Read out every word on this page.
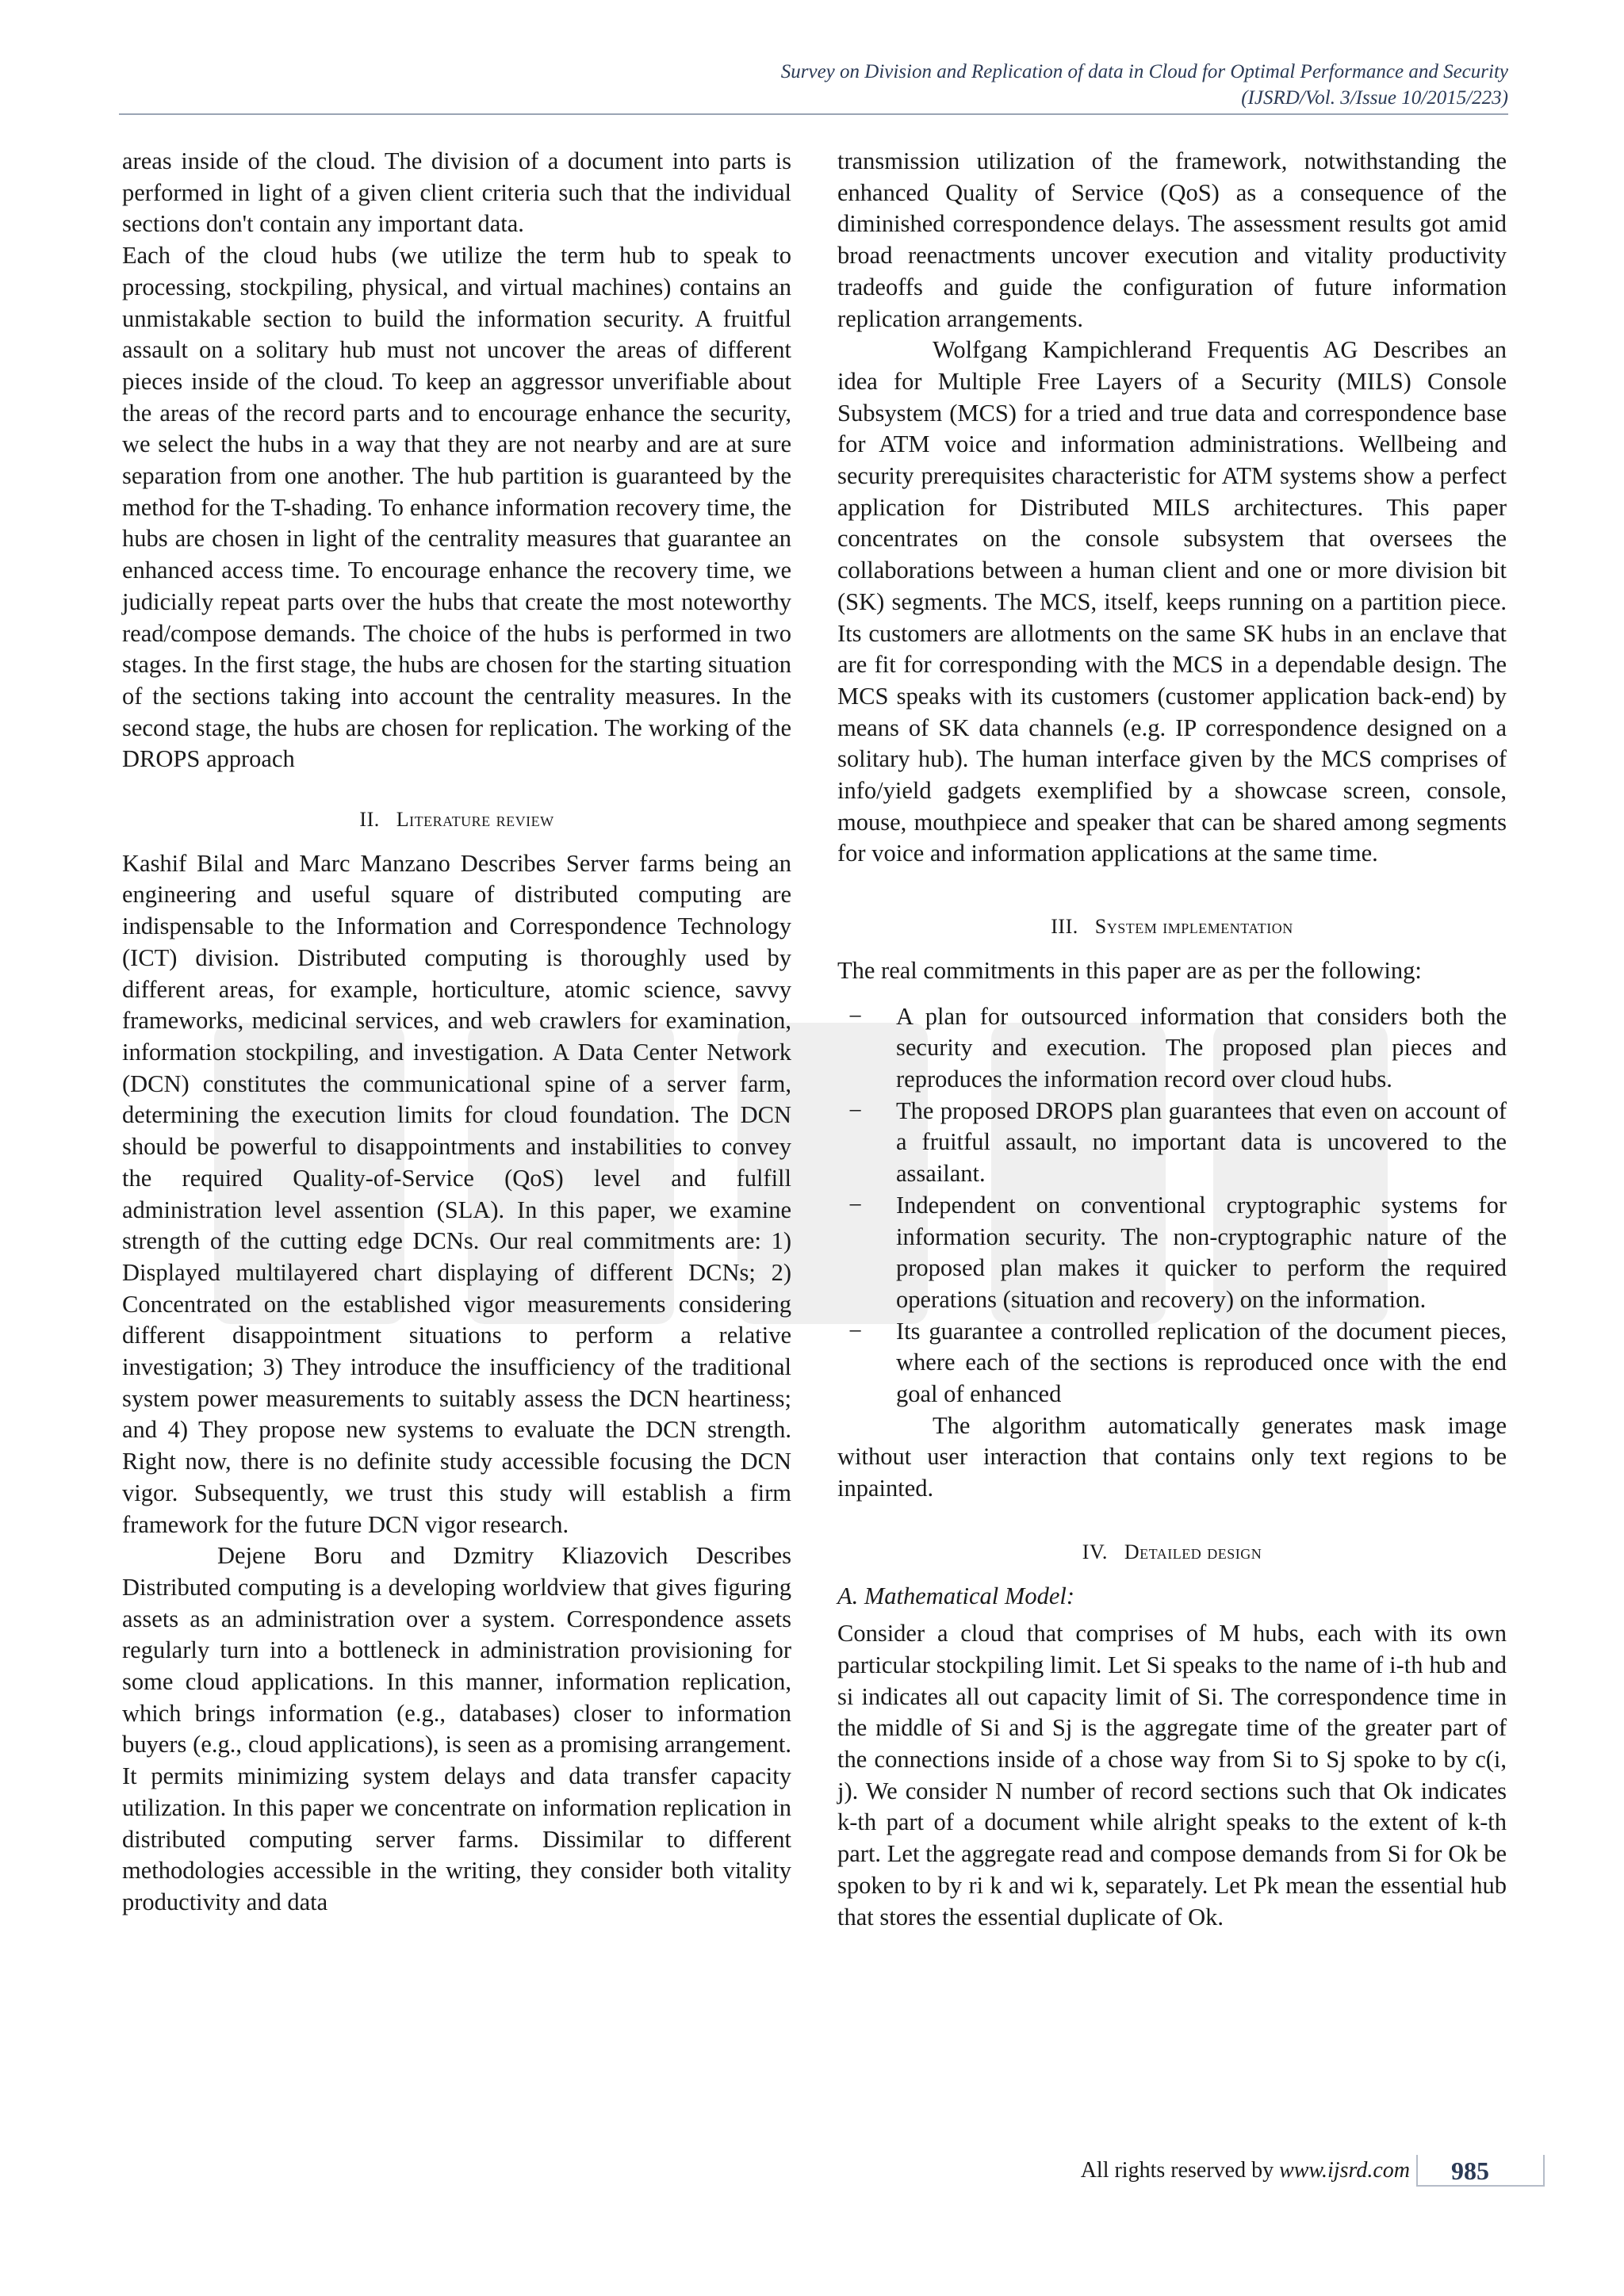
Survey on Division and Replication of data in Cloud for Optimal Performance and Security
(IJSRD/Vol. 3/Issue 10/2015/223)

areas inside of the cloud. The division of a document into parts is performed in light of a given client criteria such that the individual sections don't contain any important data.

Each of the cloud hubs (we utilize the term hub to speak to processing, stockpiling, physical, and virtual machines) contains an unmistakable section to build the information security. A fruitful assault on a solitary hub must not uncover the areas of different pieces inside of the cloud. To keep an aggressor unverifiable about the areas of the record parts and to encourage enhance the security, we select the hubs in a way that they are not nearby and are at sure separation from one another. The hub partition is guaranteed by the method for the T-shading. To enhance information recovery time, the hubs are chosen in light of the centrality measures that guarantee an enhanced access time. To encourage enhance the recovery time, we judicially repeat parts over the hubs that create the most noteworthy read/compose demands. The choice of the hubs is performed in two stages. In the first stage, the hubs are chosen for the starting situation of the sections taking into account the centrality measures. In the second stage, the hubs are chosen for replication. The working of the DROPS approach

II. Literature review

Kashif Bilal and Marc Manzano Describes Server farms being an engineering and useful square of distributed computing are indispensable to the Information and Correspondence Technology (ICT) division. Distributed computing is thoroughly used by different areas, for example, horticulture, atomic science, savvy frameworks, medicinal services, and web crawlers for examination, information stockpiling, and investigation. A Data Center Network (DCN) constitutes the communicational spine of a server farm, determining the execution limits for cloud foundation. The DCN should be powerful to disappointments and instabilities to convey the required Quality-of-Service (QoS) level and fulfill administration level assention (SLA). In this paper, we examine strength of the cutting edge DCNs. Our real commitments are: 1) Displayed multilayered chart displaying of different DCNs; 2) Concentrated on the established vigor measurements considering different disappointment situations to perform a relative investigation; 3) They introduce the insufficiency of the traditional system power measurements to suitably assess the DCN heartiness; and 4) They propose new systems to evaluate the DCN strength. Right now, there is no definite study accessible focusing the DCN vigor. Subsequently, we trust this study will establish a firm framework for the future DCN vigor research.

Dejene Boru and Dzmitry Kliazovich Describes Distributed computing is a developing worldview that gives figuring assets as an administration over a system. Correspondence assets regularly turn into a bottleneck in administration provisioning for some cloud applications. In this manner, information replication, which brings information (e.g., databases) closer to information buyers (e.g., cloud applications), is seen as a promising arrangement. It permits minimizing system delays and data transfer capacity utilization. In this paper we concentrate on information replication in distributed computing server farms. Dissimilar to different methodologies accessible in the writing, they consider both vitality productivity and data

transmission utilization of the framework, notwithstanding the enhanced Quality of Service (QoS) as a consequence of the diminished correspondence delays. The assessment results got amid broad reenactments uncover execution and vitality productivity tradeoffs and guide the configuration of future information replication arrangements.

Wolfgang Kampichlerand Frequentis AG Describes an idea for Multiple Free Layers of a Security (MILS) Console Subsystem (MCS) for a tried and true data and correspondence base for ATM voice and information administrations. Wellbeing and security prerequisites characteristic for ATM systems show a perfect application for Distributed MILS architectures. This paper concentrates on the console subsystem that oversees the collaborations between a human client and one or more division bit (SK) segments. The MCS, itself, keeps running on a partition piece. Its customers are allotments on the same SK hubs in an enclave that are fit for corresponding with the MCS in a dependable design. The MCS speaks with its customers (customer application back-end) by means of SK data channels (e.g. IP correspondence designed on a solitary hub). The human interface given by the MCS comprises of info/yield gadgets exemplified by a showcase screen, console, mouse, mouthpiece and speaker that can be shared among segments for voice and information applications at the same time.

III. System implementation

The real commitments in this paper are as per the following:

− A plan for outsourced information that considers both the security and execution. The proposed plan pieces and reproduces the information record over cloud hubs.
− The proposed DROPS plan guarantees that even on account of a fruitful assault, no important data is uncovered to the assailant.
− Independent on conventional cryptographic systems for information security. The non-cryptographic nature of the proposed plan makes it quicker to perform the required operations (situation and recovery) on the information.
− Its guarantee a controlled replication of the document pieces, where each of the sections is reproduced once with the end goal of enhanced

The algorithm automatically generates mask image without user interaction that contains only text regions to be inpainted.

IV. Detailed design
A. Mathematical Model:

Consider a cloud that comprises of M hubs, each with its own particular stockpiling limit. Let Si speaks to the name of i-th hub and si indicates all out capacity limit of Si. The correspondence time in the middle of Si and Sj is the aggregate time of the greater part of the connections inside of a chose way from Si to Sj spoke to by c(i, j). We consider N number of record sections such that Ok indicates k-th part of a document while alright speaks to the extent of k-th part. Let the aggregate read and compose demands from Si for Ok be spoken to by ri k and wi k, separately. Let Pk mean the essential hub that stores the essential duplicate of Ok.

All rights reserved by www.ijsrd.com 985
